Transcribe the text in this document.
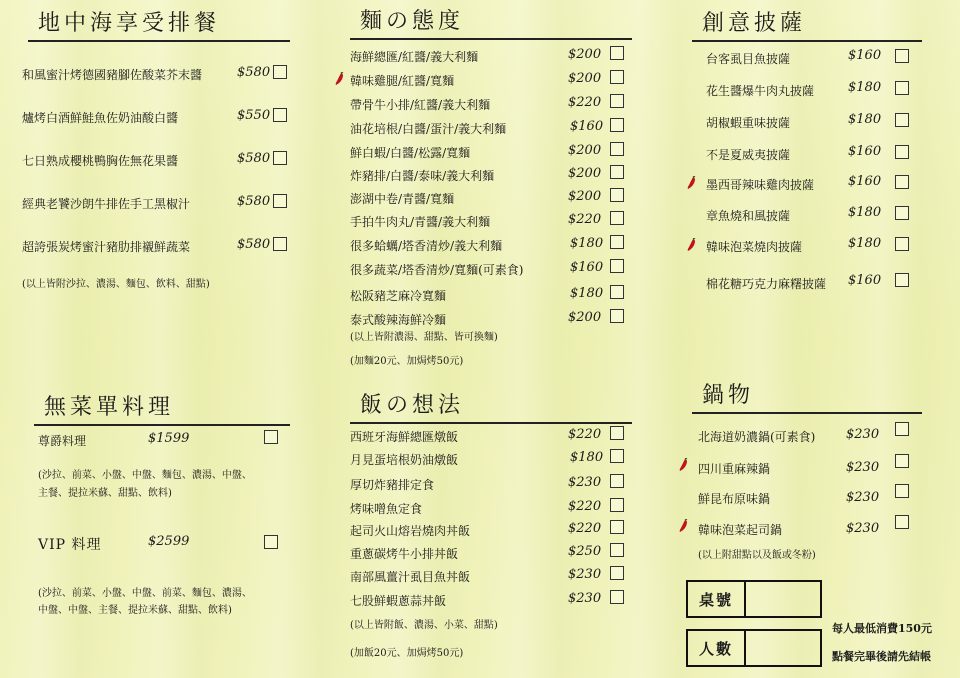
地中海享受排餐
和風蜜汁烤德國豬腳佐酸菜芥末醬	$580
爐烤白酒鮮鮭魚佐奶油酸白醬	$550
七日熟成櫻桃鴨胸佐無花果醬	$580
經典老饕沙朗牛排佐手工黑椒汁	$580
超誇張炭烤蜜汁豬肋排襯鮮蔬菜	$580
(以上皆附沙拉、濃湯、麵包、飲料、甜點)
麵の態度
海鮮總匯/紅醬/義大利麵	$200
韓味雞腿/紅醬/寬麵	$200
帶骨牛小排/紅醬/義大利麵	$220
油花培根/白醬/蛋汁/義大利麵	$160
鮮白蝦/白醬/松露/寬麵	$200
炸豬排/白醬/泰味/義大利麵	$200
澎湖中卷/青醬/寬麵	$200
手拍牛肉丸/青醬/義大利麵	$220
很多蛤蠣/塔香清炒/義大利麵	$180
很多蔬菜/塔香清炒/寬麵(可素食)	$160
松阪豬芝麻冷寬麵	$180
泰式酸辣海鮮冷麵	$200
(以上皆附濃湯、甜點、皆可換麵)
(加麵20元、加焗烤50元)
創意披薩
台客虱目魚披薩	$160
花生醬爆牛肉丸披薩	$180
胡椒蝦重味披薩	$180
不是夏威夷披薩	$160
墨西哥辣味雞肉披薩	$160
章魚燒和風披薩	$180
韓味泡菜燒肉披薩	$180
棉花糖巧克力麻糬披薩 $160
無菜單料理
尊爵料理	$1599
(沙拉、前菜、小盤、中盤、麵包、濃湯、中盤、
主餐、提拉米蘇、甜點、飲料)
VIP 料理	$2599
(沙拉、前菜、小盤、中盤、前菜、麵包、濃湯、
中盤、中盤、主餐、提拉米蘇、甜點、飲料)
飯の想法
西班牙海鮮總匯燉飯	$220
月見蛋培根奶油燉飯	$180
厚切炸豬排定食	$230
烤味噌魚定食	$220
起司火山熔岩燒肉丼飯	$220
重蔥碳烤牛小排丼飯	$250
南部風薑汁虱目魚丼飯	$230
七股鮮蝦蔥蒜丼飯	$230
(以上皆附飯、濃湯、小菜、甜點)
(加飯20元、加焗烤50元)
鍋物
北海道奶濃鍋(可素食) $230
四川重麻辣鍋	$230
鮮昆布原味鍋	$230
韓味泡菜起司鍋	$230
(以上附甜點以及飯或冬粉)
桌號
人數
每人最低消費150元
點餐完畢後請先結帳
